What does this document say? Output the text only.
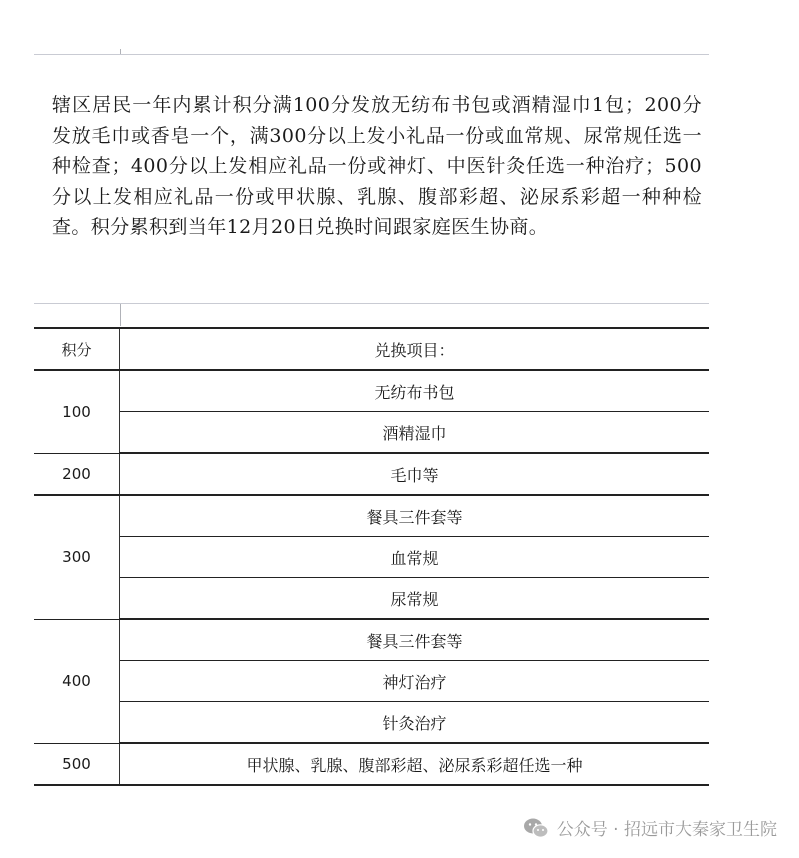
辖区居民一年内累计积分满100分发放无纺布书包或酒精湿巾1包；200分发放毛巾或香皂一个，满300分以上发小礼品一份或血常规、尿常规任选一种检查；400分以上发相应礼品一份或神灯、中医针灸任选一种治疗；500分以上发相应礼品一份或甲状腺、乳腺、腹部彩超、泌尿系彩超一种种检查。积分累积到当年12月20日兑换时间跟家庭医生协商。
积分	兑换项目：
100	无纺布书包
	酒精湿巾
200	毛巾等
300	餐具三件套等
	血常规
	尿常规
400	餐具三件套等
	神灯治疗
	针灸治疗
500	甲状腺、乳腺、腹部彩超、泌尿系彩超任选一种
公众号 · 招远市大秦家卫生院
